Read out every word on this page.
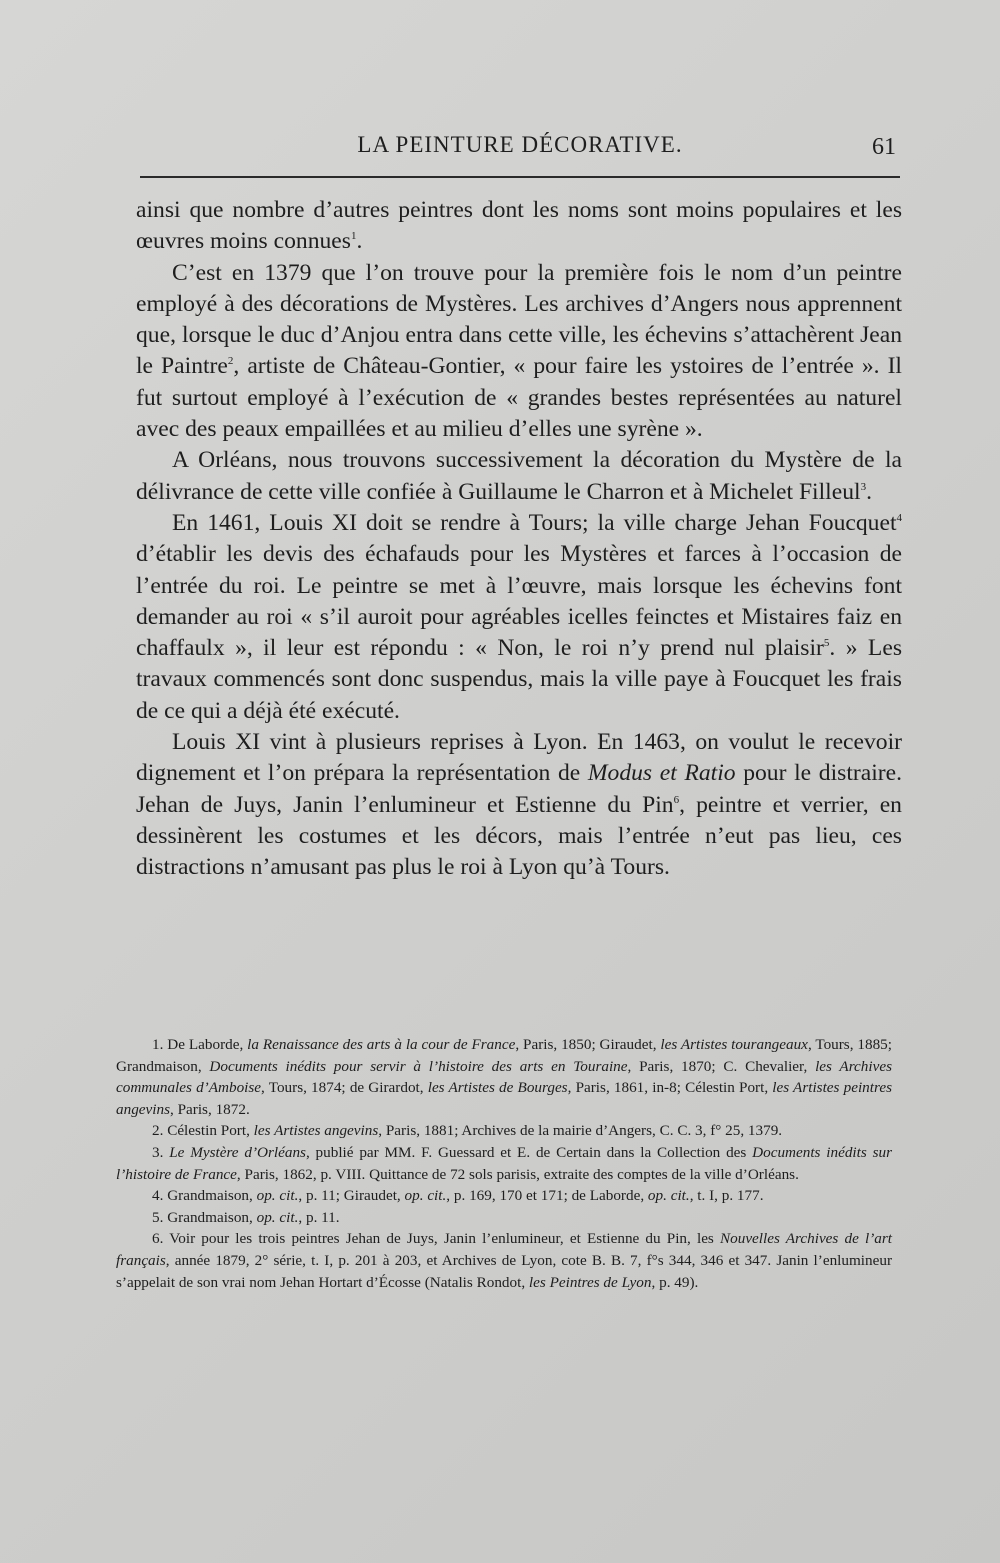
LA PEINTURE DÉCORATIVE.	61

ainsi que nombre d’autres peintres dont les noms sont moins populaires et les œuvres moins connues$^1$.

C’est en 1379 que l’on trouve pour la première fois le nom d’un peintre employé à des décorations de Mystères. Les archives d’Angers nous apprennent que, lorsque le duc d’Anjou entra dans cette ville, les échevins s’attachèrent Jean le Paintre$^2$, artiste de Château-Gontier, « pour faire les ystoires de l’entrée ». Il fut surtout employé à l’exécution de « grandes bestes représentées au naturel avec des peaux empaillées et au milieu d’elles une syrène ».

A Orléans, nous trouvons successivement la décoration du Mystère de la délivrance de cette ville confiée à Guillaume le Charron et à Michelet Filleul$^3$.

En 1461, Louis XI doit se rendre à Tours; la ville charge Jehan Foucquet$^4$ d’établir les devis des échafauds pour les Mystères et farces à l’occasion de l’entrée du roi. Le peintre se met à l’œuvre, mais lorsque les échevins font demander au roi « s’il auroit pour agréables icelles feinctes et Mistaires faiz en chaffaulx », il leur est répondu : « Non, le roi n’y prend nul plaisir$^5$. » Les travaux commencés sont donc suspendus, mais la ville paye à Foucquet les frais de ce qui a déjà été exécuté.

Louis XI vint à plusieurs reprises à Lyon. En 1463, on voulut le recevoir dignement et l’on prépara la représentation de Modus et Ratio pour le distraire. Jehan de Juys, Janin l’enlumineur et Estienne du Pin$^6$, peintre et verrier, en dessinèrent les costumes et les décors, mais l’entrée n’eut pas lieu, ces distractions n’amusant pas plus le roi à Lyon qu’à Tours.

1. De Laborde, la Renaissance des arts à la cour de France, Paris, 1850; Giraudet, les Artistes tourangeaux, Tours, 1885; Grandmaison, Documents inédits pour servir à l’histoire des arts en Touraine, Paris, 1870; C. Chevalier, les Archives communales d’Amboise, Tours, 1874; de Girardot, les Artistes de Bourges, Paris, 1861, in-8; Célestin Port, les Artistes peintres angevins, Paris, 1872.

2. Célestin Port, les Artistes angevins, Paris, 1881; Archives de la mairie d’Angers, C. C. 3, f° 25, 1379.

3. Le Mystère d’Orléans, publié par MM. F. Guessard et E. de Certain dans la Collection des Documents inédits sur l’histoire de France, Paris, 1862, p. VIII. Quittance de 72 sols parisis, extraite des comptes de la ville d’Orléans.

4. Grandmaison, op. cit., p. 11; Giraudet, op. cit., p. 169, 170 et 171; de Laborde, op. cit., t. I, p. 177.

5. Grandmaison, op. cit., p. 11.

6. Voir pour les trois peintres Jehan de Juys, Janin l’enlumineur, et Estienne du Pin, les Nouvelles Archives de l’art français, année 1879, 2° série, t. I, p. 201 à 203, et Archives de Lyon, cote B. B. 7, f°s 344, 346 et 347. Janin l’enlumineur s’appelait de son vrai nom Jehan Hortart d’Écosse (Natalis Rondot, les Peintres de Lyon, p. 49).
